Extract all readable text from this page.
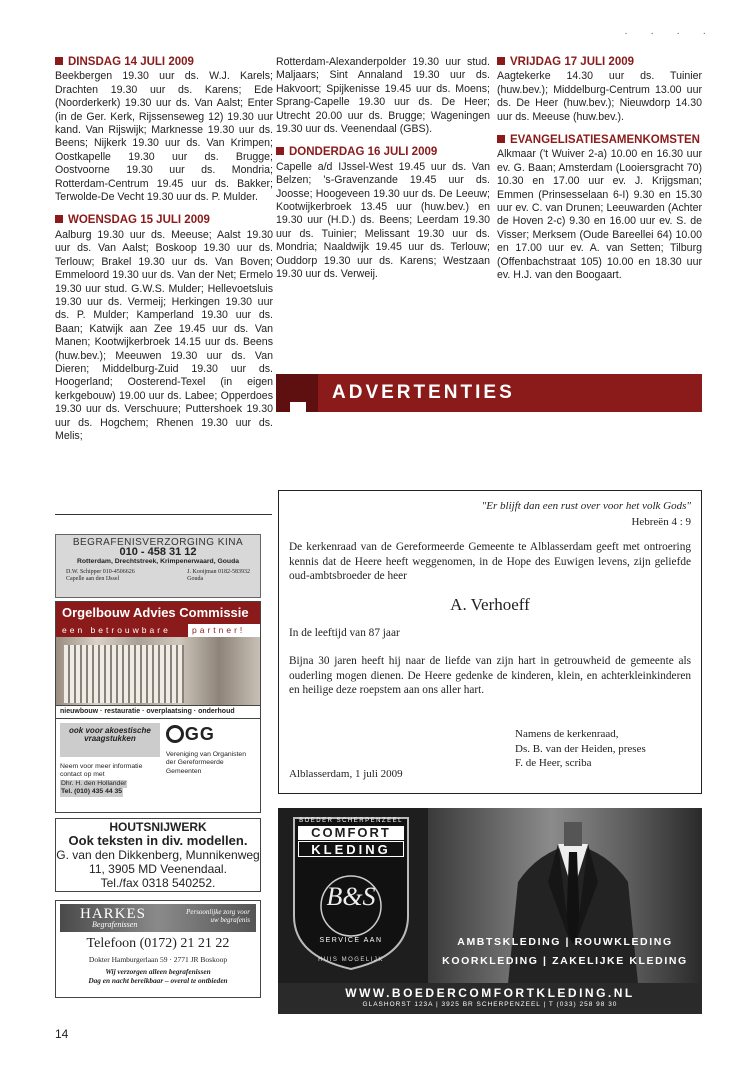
· · · ·
DINSDAG 14 JULI 2009
Beekbergen 19.30 uur ds. W.J. Karels; Drachten 19.30 uur ds. Karens; Ede (Noorderkerk) 19.30 uur ds. Van Aalst; Enter (in de Ger. Kerk, Rijssenseweg 12) 19.30 uur kand. Van Rijswijk; Marknesse 19.30 uur ds. Beens; Nijkerk 19.30 uur ds. Van Krimpen; Oostkapelle 19.30 uur ds. Brugge; Oostvoorne 19.30 uur ds. Mondria; Rotterdam-Centrum 19.45 uur ds. Bakker; Terwolde-De Vecht 19.30 uur ds. P. Mulder.
WOENSDAG 15 JULI 2009
Aalburg 19.30 uur ds. Meeuse; Aalst 19.30 uur ds. Van Aalst; Boskoop 19.30 uur ds. Terlouw; Brakel 19.30 uur ds. Van Boven; Emmeloord 19.30 uur ds. Van der Net; Ermelo 19.30 uur stud. G.W.S. Mulder; Hellevoetsluis 19.30 uur ds. Vermeij; Herkingen 19.30 uur ds. P. Mulder; Kamperland 19.30 uur ds. Baan; Katwijk aan Zee 19.45 uur ds. Van Manen; Kootwijkerbroek 14.15 uur ds. Beens (huw.bev.); Meeuwen 19.30 uur ds. Van Dieren; Middelburg-Zuid 19.30 uur ds. Hoogerland; Oosterend-Texel (in eigen kerkgebouw) 19.00 uur ds. Labee; Opperdoes 19.30 uur ds. Verschuure; Puttershoek 19.30 uur ds. Hogchem; Rhenen 19.30 uur ds. Melis;
Rotterdam-Alexanderpolder 19.30 uur stud. Maljaars; Sint Annaland 19.30 uur ds. Hakvoort; Spijkenisse 19.45 uur ds. Moens; Sprang-Capelle 19.30 uur ds. De Heer; Utrecht 20.00 uur ds. Brugge; Wageningen 19.30 uur ds. Veenendaal (GBS).
DONDERDAG 16 JULI 2009
Capelle a/d IJssel-West 19.45 uur ds. Van Belzen; 's-Gravenzande 19.45 uur ds. Joosse; Hoogeveen 19.30 uur ds. De Leeuw; Kootwijkerbroek 13.45 uur (huw.bev.) en 19.30 uur (H.D.) ds. Beens; Leerdam 19.30 uur ds. Tuinier; Melissant 19.30 uur ds. Mondria; Naaldwijk 19.45 uur ds. Terlouw; Ouddorp 19.30 uur ds. Karens; Westzaan 19.30 uur ds. Verweij.
VRIJDAG 17 JULI 2009
Aagtekerke 14.30 uur ds. Tuinier (huw.bev.); Middelburg-Centrum 13.00 uur ds. De Heer (huw.bev.); Nieuwdorp 14.30 uur ds. Meeuse (huw.bev.).
EVANGELISATIESAMENKOMSTEN
Alkmaar ('t Wuiver 2-a) 10.00 en 16.30 uur ev. G. Baan; Amsterdam (Looiersgracht 70) 10.30 en 17.00 uur ev. J. Krijgsman; Emmen (Prinsesselaan 6-I) 9.30 en 15.30 uur ev. C. van Drunen; Leeuwarden (Achter de Hoven 2-c) 9.30 en 16.00 uur ev. S. de Visser; Merksem (Oude Bareellei 64) 10.00 en 17.00 uur ev. A. van Setten; Tilburg (Offenbachstraat 105) 10.00 en 18.30 uur ev. H.J. van den Boogaart.
ADVERTENTIES
"Er blijft dan een rust over voor het volk Gods"
Hebreën 4 : 9
De kerkenraad van de Gereformeerde Gemeente te Alblasserdam geeft met ontroering kennis dat de Heere heeft weggenomen, in de Hope des Euwigen levens, zijn geliefde oud-ambtsbroeder de heer
A. Verhoeff
In de leeftijd van 87 jaar
Bijna 30 jaren heeft hij naar de liefde van zijn hart in getrouwheid de gemeente als ouderling mogen dienen. De Heere gedenke de kinderen, klein, en achterkleinkinderen en heilige deze roepstem aan ons aller hart.
Namens de kerkenraad,
Ds. B. van der Heiden, preses
F. de Heer, scriba
Alblasserdam, 1 juli 2009
BEGRAFENISVERZORGING KINA
010 - 458 31 12
Rotterdam, Drechtstreek, Krimpenerwaard, Gouda
D.W. Schipper 010-4506626
Capelle aan den IJssel
J. Kooijman 0182-583932
Gouda
Orgelbouw Advies Commissie
een betrouwbare	partner!
nieuwbouw · restauratie · overplaatsing · onderhoud
ook voor akoestische vraagstukken
Neem voor meer informatie contact op met
Dhr. H. den Hollander Tel. (010) 435 44 35
GG
Vereniging van Organisten der Gereformeerde Gemeenten
HOUTSNIJWERK
Ook teksten in div. modellen.
G. van den Dikkenberg, Munnikenweg 11, 3905 MD Veenendaal.
Tel./fax 0318 540252.
HARKES
Begrafenissen
Persoonlijke zorg voor uw begrafenis
Telefoon (0172) 21 21 22
Dokter Hamburgerlaan 59 · 2771 JR Boskoop
Wij verzorgen alleen begrafenissen
Dag en nacht bereikbaar – overal te ontbieden
BOEDER SCHERPENZEEL
COMFORT
KLEDING
B&S
SERVICE AAN
HUIS MOGELIJK
AMBTSKLEDING | ROUWKLEDING
KOORKLEDING | ZAKELIJKE KLEDING
WWW.BOEDERCOMFORTKLEDING.NL
GLASHORST 123A | 3925 BR SCHERPENZEEL | T (033) 258 98 30
14
